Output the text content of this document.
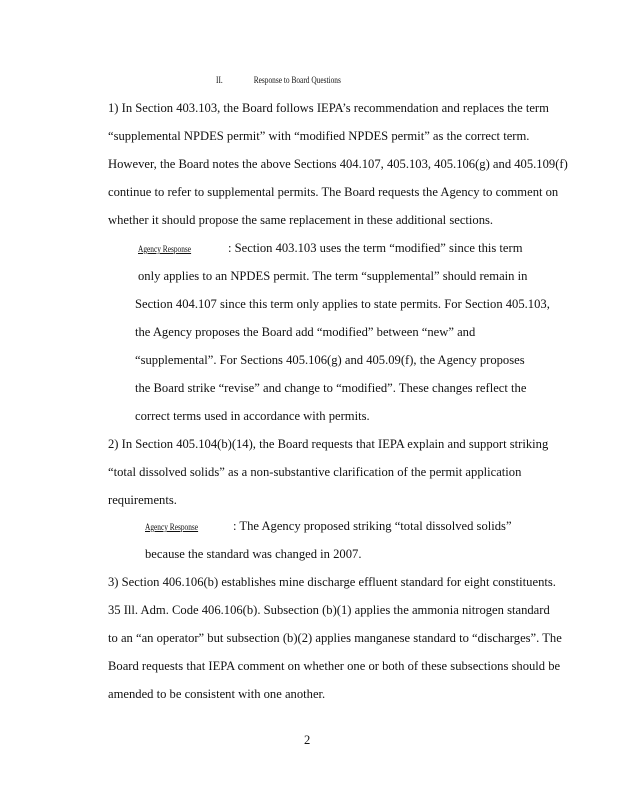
II.	Response to Board Questions
1) In Section 403.103, the Board follows IEPA’s recommendation and replaces the term
“supplemental NPDES permit” with “modified NPDES permit” as the correct term.
However, the Board notes the above Sections 404.107, 405.103, 405.106(g) and 405.109(f)
continue to refer to supplemental permits. The Board requests the Agency to comment on
whether it should propose the same replacement in these additional sections.
Agency Response	: Section 403.103 uses the term “modified” since this term
only applies to an NPDES permit. The term “supplemental” should remain in
Section 404.107 since this term only applies to state permits. For Section 405.103,
the Agency proposes the Board add “modified” between “new” and
“supplemental”. For Sections 405.106(g) and 405.09(f), the Agency proposes
the Board strike “revise” and change to “modified”. These changes reflect the
correct terms used in accordance with permits.
2) In Section 405.104(b)(14), the Board requests that IEPA explain and support striking
“total dissolved solids” as a non-substantive clarification of the permit application
requirements.
Agency Response	: The Agency proposed striking “total dissolved solids”
because the standard was changed in 2007.
3) Section 406.106(b) establishes mine discharge effluent standard for eight constituents.
35 Ill. Adm. Code 406.106(b). Subsection (b)(1) applies the ammonia nitrogen standard
to an “an operator” but subsection (b)(2) applies manganese standard to “discharges”. The
Board requests that IEPA comment on whether one or both of these subsections should be
amended to be consistent with one another.
2
